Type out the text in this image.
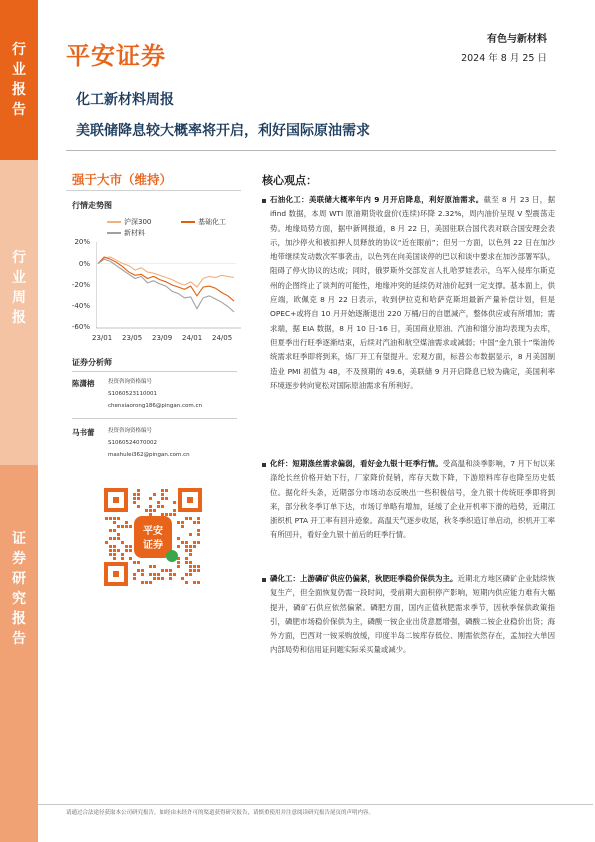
行
业
报
告
行
业
周
报
证
券
研
究
报
告
平安证券
有色与新材料
2024 年 8 月 25 日
化工新材料周报
美联储降息较大概率将开启，利好国际原油需求
强于大市（维持）
行情走势图
沪深300	基础化工
新材料
20%
0%
-20%
-40%
-60%
23/01 23/05 23/09 24/01 24/05
证券分析师
陈潇榕 投资咨询资格编号
S1060523110001
chenxiaorong186@pingan.com.cn
马书蕾 投资咨询资格编号
S1060524070002
mashulei362@pingan.com.cn
平安
证券
核心观点：
石油化工：美联储大概率年内 9 月开启降息，利好原油需求。截至 8 月 23 日，据 ifind 数据，本周 WTI 原油期货收盘价(连续)环降 2.32%，周内油价呈现 V 型震荡走势。地缘局势方面，据中新网报道，8 月 22 日，美国驻联合国代表对联合国安理会表示，加沙停火和被扣押人员释放的协议“近在眼前”；但另一方面，以色列 22 日在加沙地带继续发动数次军事袭击，以色列在向美国谈停的巴以和谈中要求在加沙部署军队，阻碍了停火协议的达成；同时，俄罗斯外交部发言人扎哈罗娃表示，乌军入侵库尔斯克州的企图终止了谈判的可能性，地缘冲突的延续仍对油价起到一定支撑。基本面上，供应端，欧佩克 8 月 22 日表示，收到伊拉克和哈萨克斯坦最新产量补偿计划，但是 OPEC+或将自 10 月开始逐渐退出 220 万桶/日的自愿减产，整体供应或有所增加；需求端，据 EIA 数据，8 月 10 日-16 日，美国商业原油、汽油和馏分油均表现为去库，但夏季出行旺季逐渐结束，后续对汽油和航空煤油需求或减弱；中国“金九银十”柴油传统需求旺季即将到来，炼厂开工有望提升。宏观方面，标普公布数据显示，8 月美国制造业 PMI 初值为 48，不及预期的 49.6，美联储 9 月开启降息已较为确定，美国利率环境逐步转向宽松对国际原油需求有所利好。
化纤：短期涤丝需求偏弱，看好金九银十旺季行情。受高温和淡季影响，7 月下旬以来涤纶长丝价格开始下行，厂家降价促销，库存天数下降，下游原料库存也降至历史低位。据化纤头条，近期部分市场动态反映出一些积极信号，金九银十传统旺季即将到来，部分秋冬季订单下达，市场订单略有增加，延缓了企业开机率下滑的趋势，近期江浙织机 PTA 开工率有回升迹象。高温天气逐步收尾，秋冬季织造订单启动，织机开工率有所回升，看好金九银十前后的旺季行情。
磷化工：上游磷矿供应仍偏紧，秋肥旺季稳价保供为主。近期北方地区磷矿企业陆续恢复生产，但全面恢复仍需一段时间，受前期大面积停产影响，短期内供应能力难有大幅提升，磷矿石供应依然偏紧。磷肥方面，国内正值秋肥需求季节，因秋季保供政策指引，磷肥市场稳价保供为主，磷酸一铵企业出货意愿增强，磷酸二铵企业稳价出货；海外方面，巴西对一铵采购放缓，印度半岛二铵库存低位、刚需依然存在，孟加拉大单因内部局势和信用证问题实际采买量或减少。
请通过合法途径获取本公司研究报告，如经由未经许可的渠道获得研究报告，请慎重使用并注意阅读研究报告尾页的声明内容。
